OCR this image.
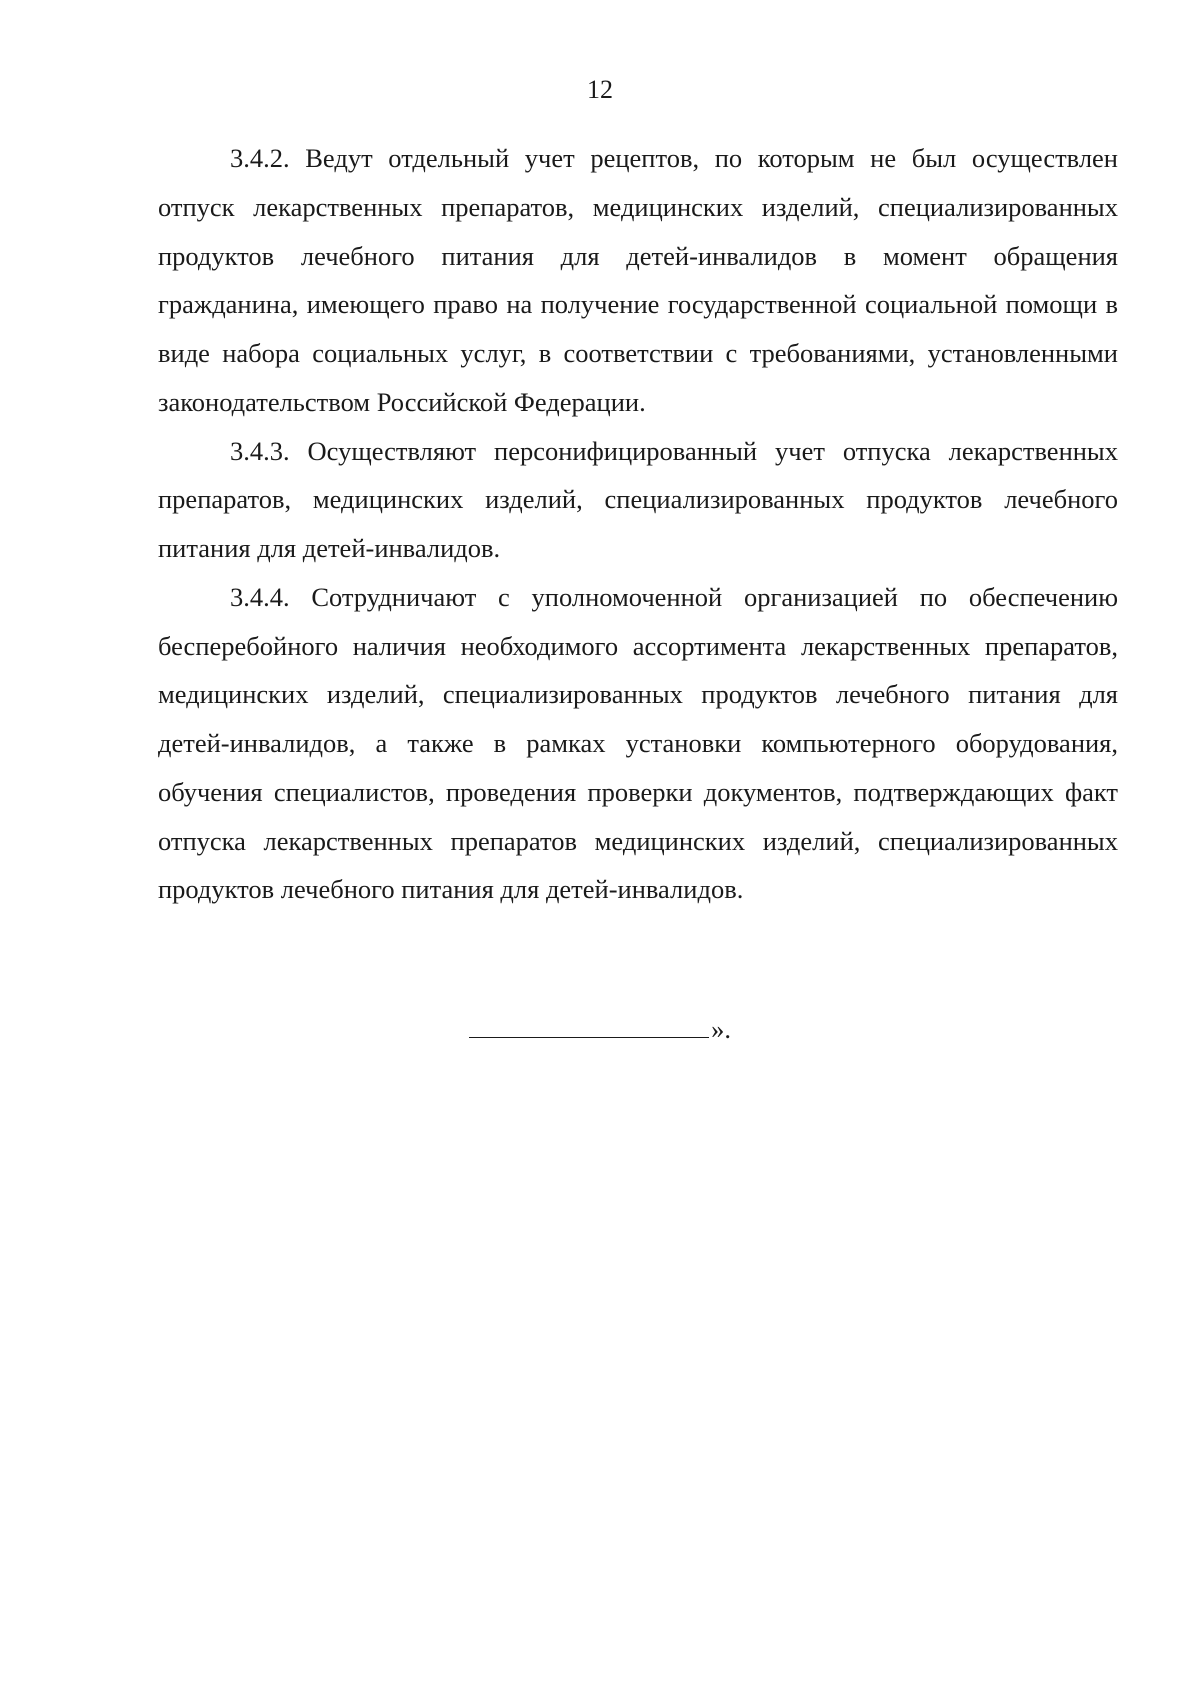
12

3.4.2. Ведут отдельный учет рецептов, по которым не был осуществлен отпуск лекарственных препаратов, медицинских изделий, специализированных продуктов лечебного питания для детей-инвалидов в момент обращения гражданина, имеющего право на получение государственной социальной помощи в виде набора социальных услуг, в соответствии с требованиями, установленными законодательством Российской Федерации.

3.4.3. Осуществляют персонифицированный учет отпуска лекарственных препаратов, медицинских изделий, специализированных продуктов лечебного питания для детей-инвалидов.

3.4.4. Сотрудничают с уполномоченной организацией по обеспечению бесперебойного наличия необходимого ассортимента лекарственных препаратов, медицинских изделий, специализированных продуктов лечебного питания для детей-инвалидов, а также в рамках установки компьютерного оборудования, обучения специалистов, проведения проверки документов, подтверждающих факт отпуска лекарственных препаратов медицинских изделий, специализированных продуктов лечебного питания для детей-инвалидов.

».
